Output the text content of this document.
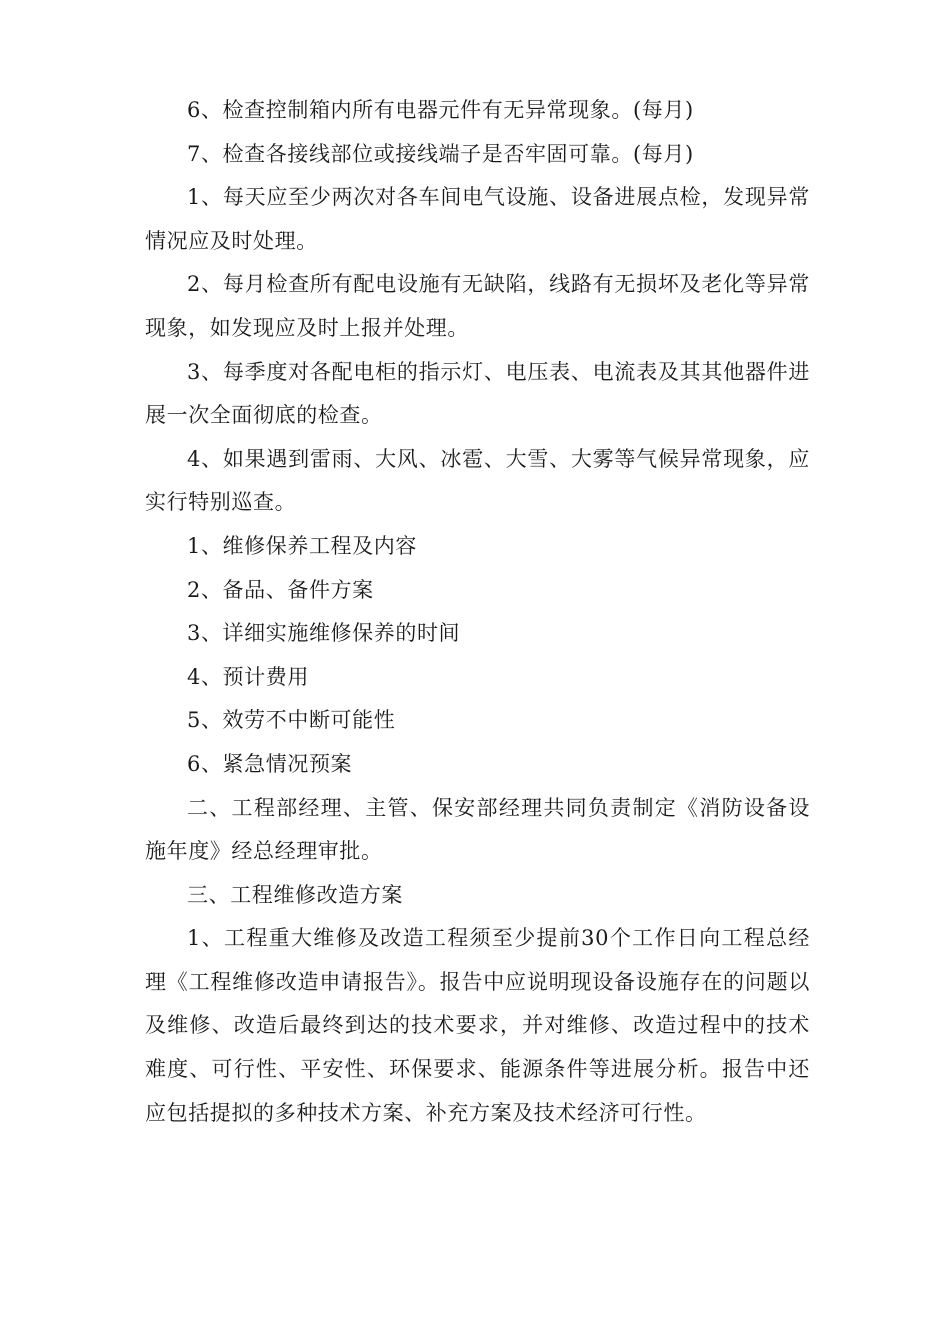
6、检查控制箱内所有电器元件有无异常现象。(每月)

7、检查各接线部位或接线端子是否牢固可靠。(每月)

1、每天应至少两次对各车间电气设施、设备进展点检，发现异常情况应及时处理。

2、每月检查所有配电设施有无缺陷，线路有无损坏及老化等异常现象，如发现应及时上报并处理。

3、每季度对各配电柜的指示灯、电压表、电流表及其其他器件进展一次全面彻底的检查。

4、如果遇到雷雨、大风、冰雹、大雪、大雾等气候异常现象，应实行特别巡查。

1、维修保养工程及内容

2、备品、备件方案

3、详细实施维修保养的时间

4、预计费用

5、效劳不中断可能性

6、紧急情况预案

二、工程部经理、主管、保安部经理共同负责制定《消防设备设施年度》经总经理审批。

三、工程维修改造方案

1、工程重大维修及改造工程须至少提前30个工作日向工程总经理《工程维修改造申请报告》。报告中应说明现设备设施存在的问题以及维修、改造后最终到达的技术要求，并对维修、改造过程中的技术难度、可行性、平安性、环保要求、能源条件等进展分析。报告中还应包括提拟的多种技术方案、补充方案及技术经济可行性。
